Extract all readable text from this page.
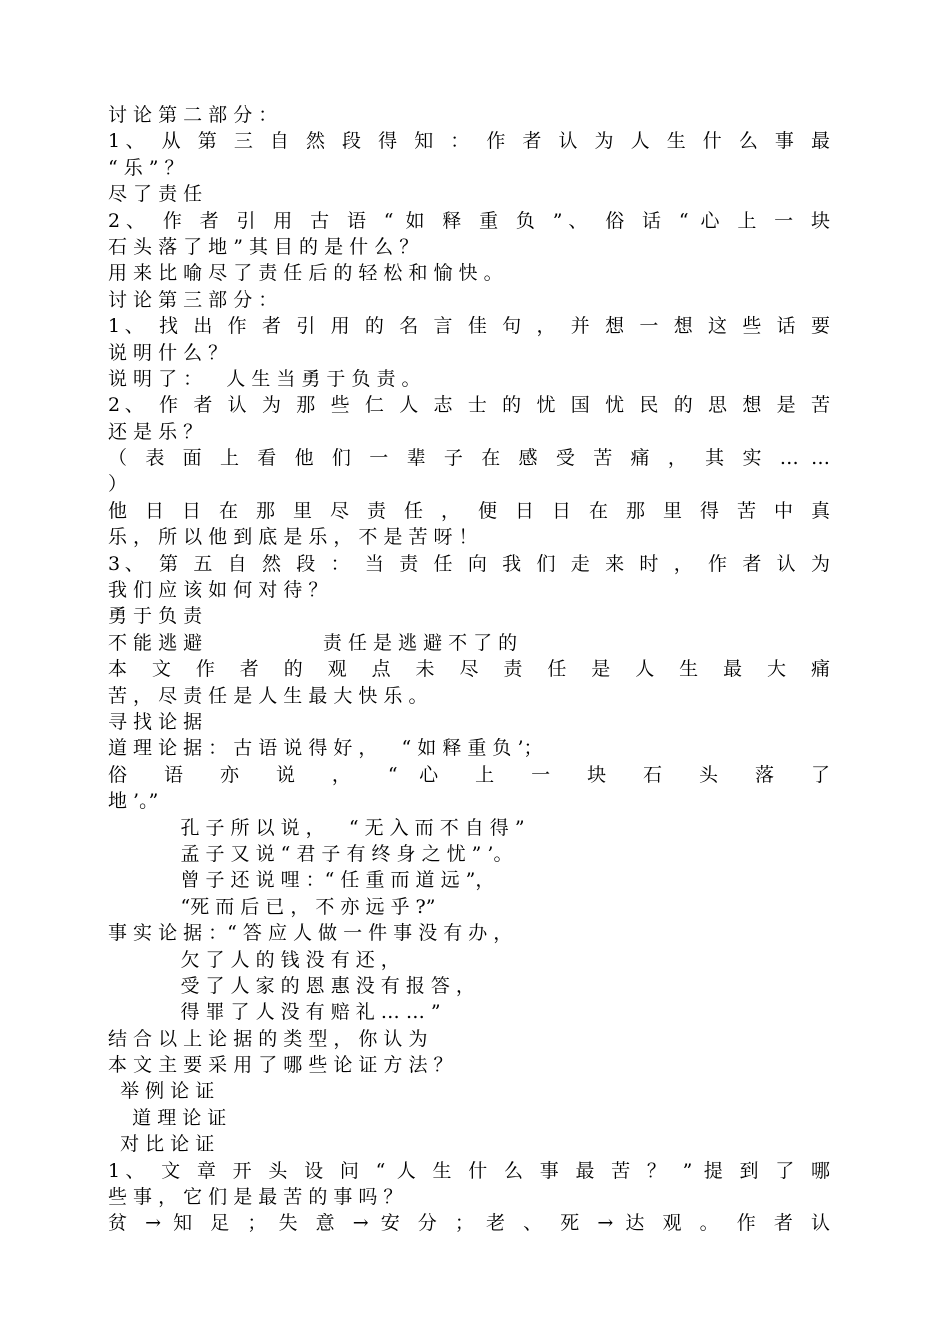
讨 论 第 二 部 分 ：
1、 从 第 三 自 然 段 得 知 ： 作 者 认 为 人 生 什 么 事 最
“ 乐 ” ？
尽 了 责 任
2、 作 者 引 用 古 语 “ 如 释 重 负 ”、 俗 话 “ 心 上 一 块
石 头 落 了 地 ” 其 目 的 是 什 么 ？
用 来 比 喻 尽 了 责 任 后 的 轻 松 和 愉 快 。
讨 论 第 三 部 分 ：
1、 找 出 作 者 引 用 的 名 言 佳 句 ， 并 想 一 想 这 些 话 要
说 明 什 么 ？
说 明 了 ：    人 生 当 勇 于 负 责 。
2、 作 者 认 为 那 些 仁 人 志 士 的 忧 国 忧 民 的 思 想 是 苦
还 是 乐 ？
（ 表 面 上 看 他 们 一 辈 子 在 感 受 苦 痛 ， 其 实 … …
）
他 日 日 在 那 里 尽 责 任 ， 便 日 日 在 那 里 得 苦 中 真
乐 ， 所 以 他 到 底 是 乐 ， 不 是 苦 呀 ！
3、 第 五 自 然 段 ： 当 责 任 向 我 们 走 来 时 ， 作 者 认 为
我 们 应 该 如 何 对 待 ？
勇 于 负 责
不 能 逃 避                    责 任 是 逃 避 不 了 的
本 文 作 者 的 观 点 未 尽 责 任 是 人 生 最 大 痛
苦 ， 尽 责 任 是 人 生 最 大 快 乐 。
寻 找 论 据
道 理 论 据 ： 古 语 说 得 好 ，    “ 如 释 重 负 ’；
俗 语 亦 说 ， “ 心 上 一 块 石 头 落 了
地 ’。”
孔 子 所 以 说 ，    “ 无 入 而 不 自 得 ”
孟 子 又 说 “ 君 子 有 终 身 之 忧 ” ’。
曾 子 还 说 哩 ：“ 任 重 而 道 远 ”，
“死 而 后 已 ， 不 亦 远 乎 ?”
事 实 论 据 ：“ 答 应 人 做 一 件 事 没 有 办 ，
欠 了 人 的 钱 没 有 还 ，
受 了 人 家 的 恩 惠 没 有 报 答 ，
得 罪 了 人 没 有 赔 礼 … … ”
结 合 以 上 论 据 的 类 型 ， 你 认 为
本 文 主 要 采 用 了 哪 些 论 证 方 法 ？
举 例 论 证
道 理 论 证
对 比 论 证
1、 文 章 开 头 设 问 “ 人 生 什 么 事 最 苦 ？ ” 提 到 了 哪
些 事 ， 它 们 是 最 苦 的 事 吗 ？
贫 → 知 足 ； 失 意 → 安 分 ； 老 、 死 → 达 观 。 作 者 认
